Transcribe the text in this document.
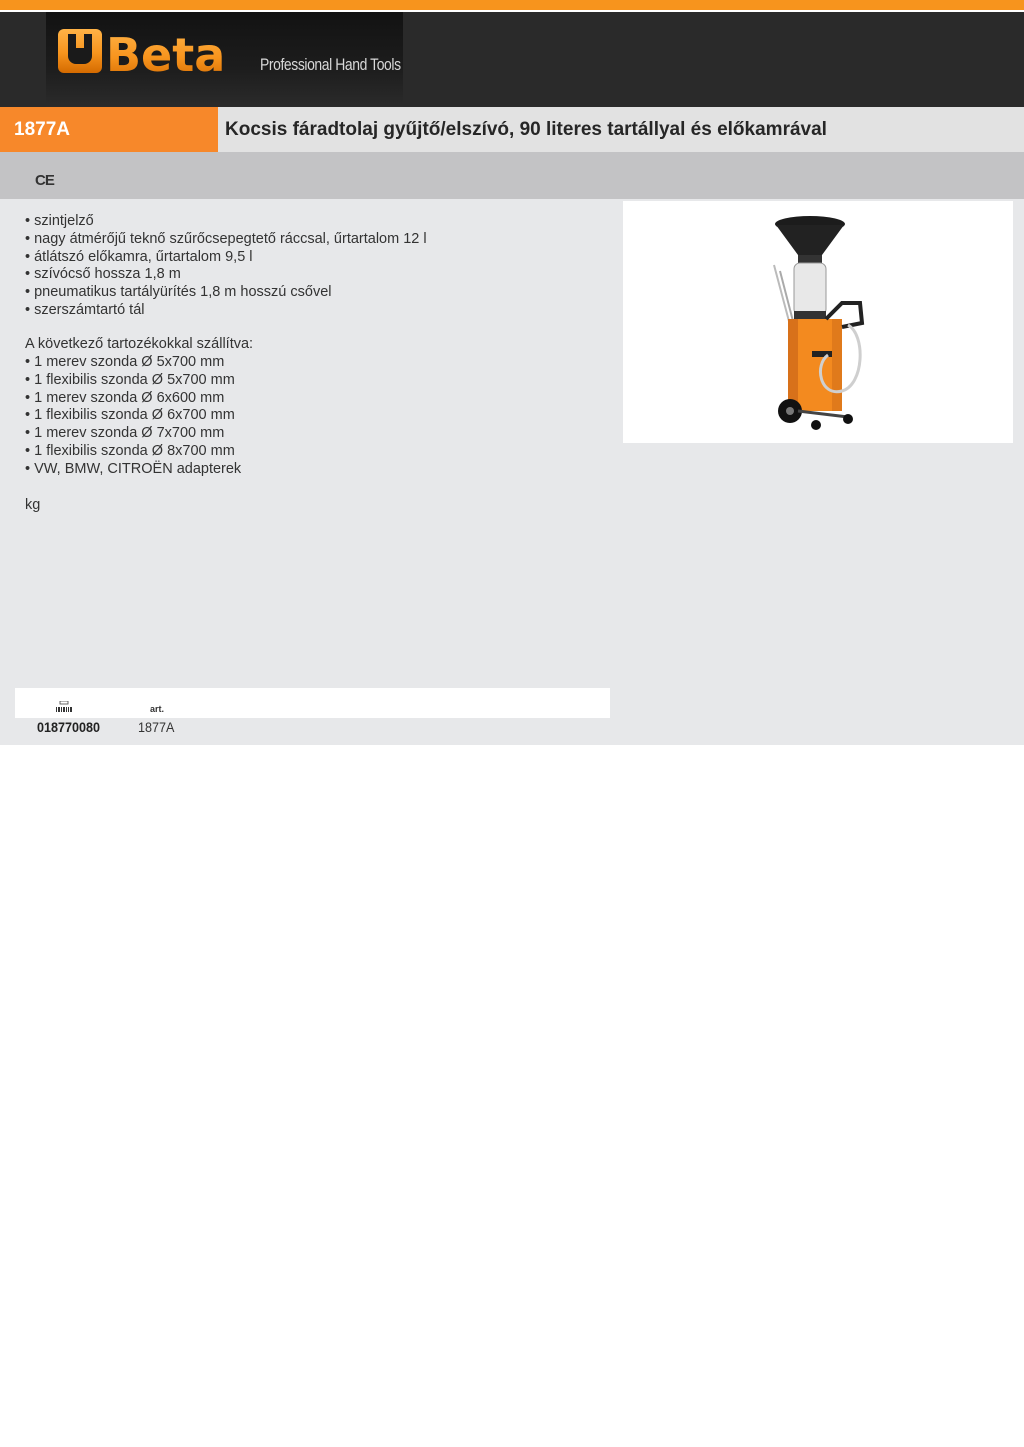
Beta Professional Hand Tools
1877A	Kocsis fáradtolaj gyűjtő/elszívó, 90 literes tartállyal és előkamrával
CE
• szintjelző
• nagy átmérőjű teknő szűrőcsepegtető ráccsal, űrtartalom 12 l
• átlátszó előkamra, űrtartalom 9,5 l
• szívócső hossza 1,8 m
• pneumatikus tartályürítés 1,8 m hosszú csővel
• szerszámtartó tál
A következő tartozékokkal szállítva:
• 1 merev szonda Ø 5x700 mm
• 1 flexibilis szonda Ø 5x700 mm
• 1 merev szonda Ø 6x600 mm
• 1 flexibilis szonda Ø 6x700 mm
• 1 merev szonda Ø 7x700 mm
• 1 flexibilis szonda Ø 8x700 mm
• VW, BMW, CITROËN adapterek
kg
art.
018770080	1877A
